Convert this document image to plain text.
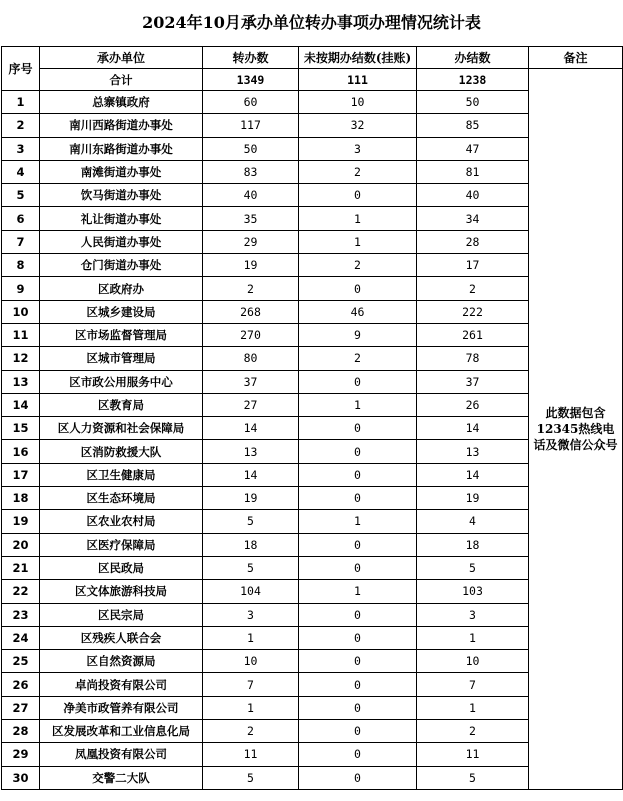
2024年10月承办单位转办事项办理情况统计表
序号	承办单位	转办数	未按期办结数(挂账)	办结数	备注
	合计	1349	111	1238	此数据包含12345热线电话及微信公众号
1	总寨镇政府	60	10	50	
2	南川西路街道办事处	117	32	85	
3	南川东路街道办事处	50	3	47	
4	南滩街道办事处	83	2	81	
5	饮马街道办事处	40	0	40	
6	礼让街道办事处	35	1	34	
7	人民街道办事处	29	1	28	
8	仓门街道办事处	19	2	17	
9	区政府办	2	0	2	
10	区城乡建设局	268	46	222	
11	区市场监督管理局	270	9	261	
12	区城市管理局	80	2	78	
13	区市政公用服务中心	37	0	37	
14	区教育局	27	1	26	
15	区人力资源和社会保障局	14	0	14	
16	区消防救援大队	13	0	13	
17	区卫生健康局	14	0	14	
18	区生态环境局	19	0	19	
19	区农业农村局	5	1	4	
20	区医疗保障局	18	0	18	
21	区民政局	5	0	5	
22	区文体旅游科技局	104	1	103	
23	区民宗局	3	0	3	
24	区残疾人联合会	1	0	1	
25	区自然资源局	10	0	10	
26	卓尚投资有限公司	7	0	7	
27	净美市政管养有限公司	1	0	1	
28	区发展改革和工业信息化局	2	0	2	
29	凤凰投资有限公司	11	0	11	
30	交警二大队	5	0	5	
